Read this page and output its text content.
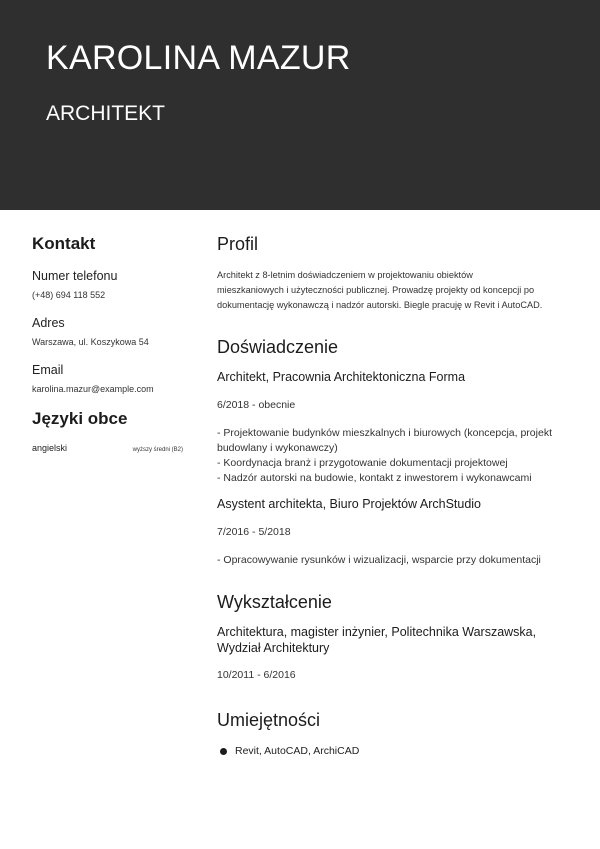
KAROLINA MAZUR
ARCHITEKT
Kontakt
Numer telefonu
(+48) 694 118 552
Adres
Warszawa, ul. Koszykowa 54
Email
karolina.mazur@example.com
Języki obce
angielski	wyższy średni (B2)
Profil
Architekt z 8-letnim doświadczeniem w projektowaniu obiektów
mieszkaniowych i użyteczności publicznej. Prowadzę projekty od koncepcji po
dokumentację wykonawczą i nadzór autorski. Biegle pracuję w Revit i AutoCAD.
Doświadczenie
Architekt, Pracownia Architektoniczna Forma
6/2018 - obecnie
- Projektowanie budynków mieszkalnych i biurowych (koncepcja, projekt
budowlany i wykonawczy)
- Koordynacja branż i przygotowanie dokumentacji projektowej
- Nadzór autorski na budowie, kontakt z inwestorem i wykonawcami
Asystent architekta, Biuro Projektów ArchStudio
7/2016 - 5/2018
- Opracowywanie rysunków i wizualizacji, wsparcie przy dokumentacji
Wykształcenie
Architektura, magister inżynier, Politechnika Warszawska,
Wydział Architektury
10/2011 - 6/2016
Umiejętności
Revit, AutoCAD, ArchiCAD
